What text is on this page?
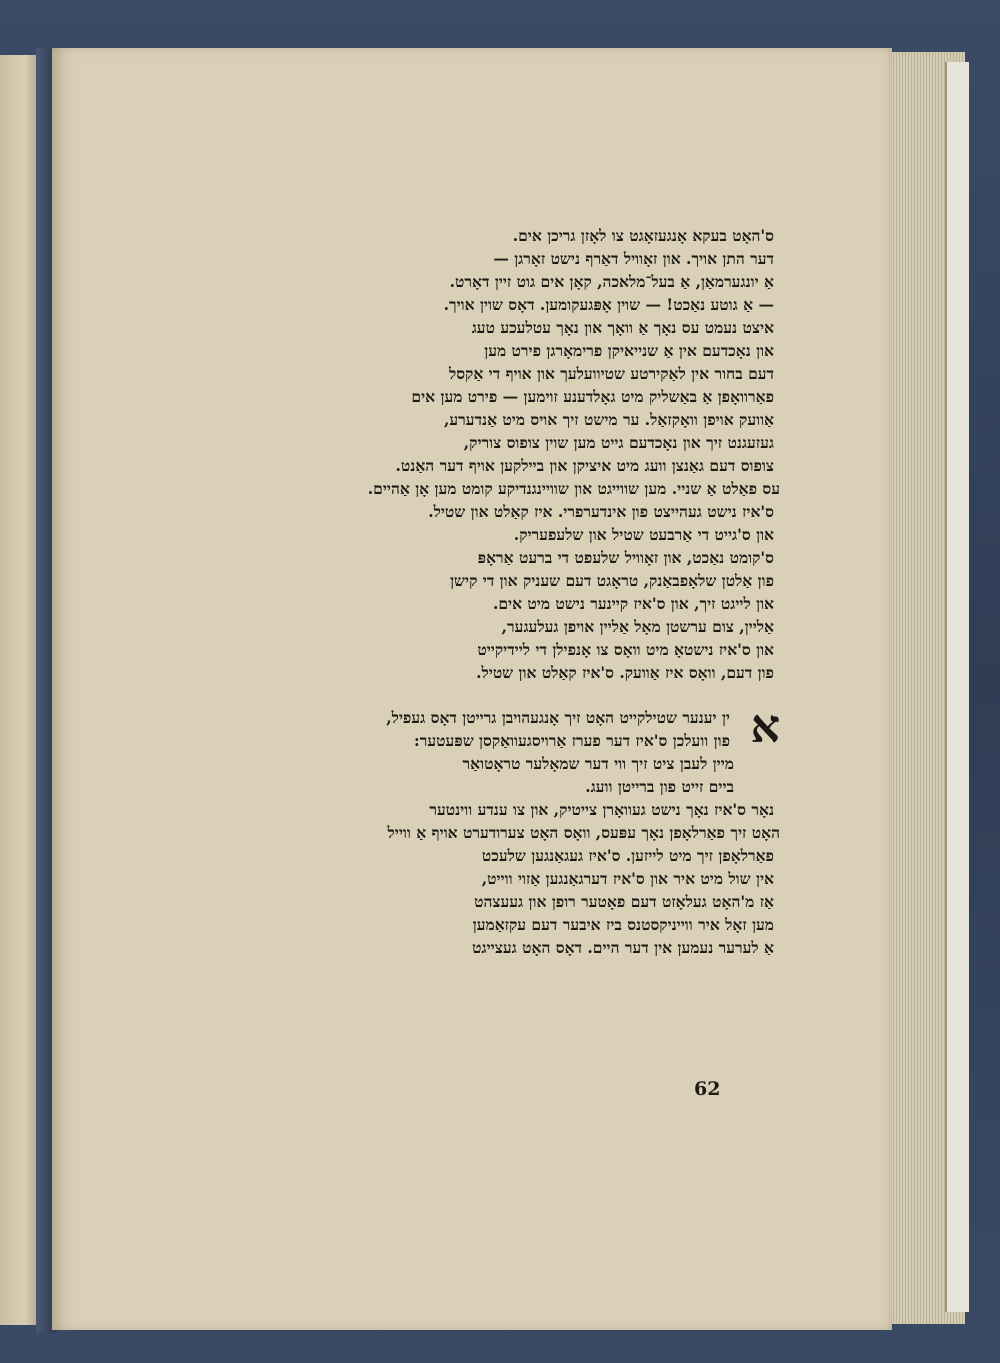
ס'האָט בעקא אָנגעזאָגט צו לאָזן גריכן אים.
דער התן אויך. און זאָוויל דאַרף נישט זאָרגן —
אַ יונגערמאַן, אַ בעל־מלאכה, קאָן אים גוט זיין דאָרט.
— אַ גוטע נאַכט! — שוין אָפּגעקומען. דאָס שוין אויך.
איצט נעמט עס נאָך אַ וואָך און נאָך עטלעכע טעג
און נאָכדעם אין אַ שנייאיקן פרימאָרגן פירט מען
דעם בחור אין לאַקירטע שטיוועלעך און אויף די אַקסל
פאַרוואָפן אַ באַשליק מיט גאָלדענע זוימען — פירט מען אים
אַוועק אויפן וואָקזאַל. ער מישט זיך אויס מיט אַנדערע,
געזעגנט זיך און נאָכדעם גייט מען שוין צופוס צוריק,
צופוס דעם גאַנצן וועג מיט איציקן און ביילקען אויף דער האַנט.
עס פאַלט אַ שניי. מען שווייגט און שוויינגנדיקע קומט מען אָן אַהיים.
ס'איז נישט געהייצט פון אינדערפרי. איז קאַלט און שטיל.
און ס'גייט די אַרבעט שטיל און שלעפעריק.
ס'קומט נאַכט, און זאָוויל שלעפט די ברעט אַראָפּ
פון אַלטן שלאָפבאַנק, טראָגט דעם שעניק און די קישן
און לייגט זיך, און ס'איז קיינער נישט מיט אים.
אַליין, צום ערשטן מאָל אַליין אויפן געלעגער,
און ס'איז נישטאָ מיט וואָס צו אָנפילן די ליידיקייט
פון דעם, וואָס איז אַוועק. ס'איז קאַלט און שטיל.
א
ין יענער שטילקייט האָט זיך אָנגעהויבן גרייטן דאָס געפיל,
פון וועלכן ס'איז דער פערז אַרויסגעוואַקסן שפּעטער:
מיין לעבן ציט זיך ווי דער שמאָלער טראָטואַר
ביים זייט פון ברייטן וועג.
נאָר ס'איז נאָך נישט געוואָרן צייטיק, און צו ענדע ווינטער
האָט זיך פאַרלאָפן נאָך עפּעס, וואָס האָט צערודערט אויף אַ ווייל
פאַרלאָפן זיך מיט לייזען. ס'איז געגאַנגען שלעכט
אין שול מיט איר און ס'איז דערגאַנגען אַזוי ווייט,
אַז מ'האָט געלאָזט דעם פאָטער רופן און געעצהט
מען זאָל איר ווייניקסטנס ביז איבער דעם עקזאַמען
אַ לערער נעמען אין דער היים. דאָס האָט געצייגט
62
